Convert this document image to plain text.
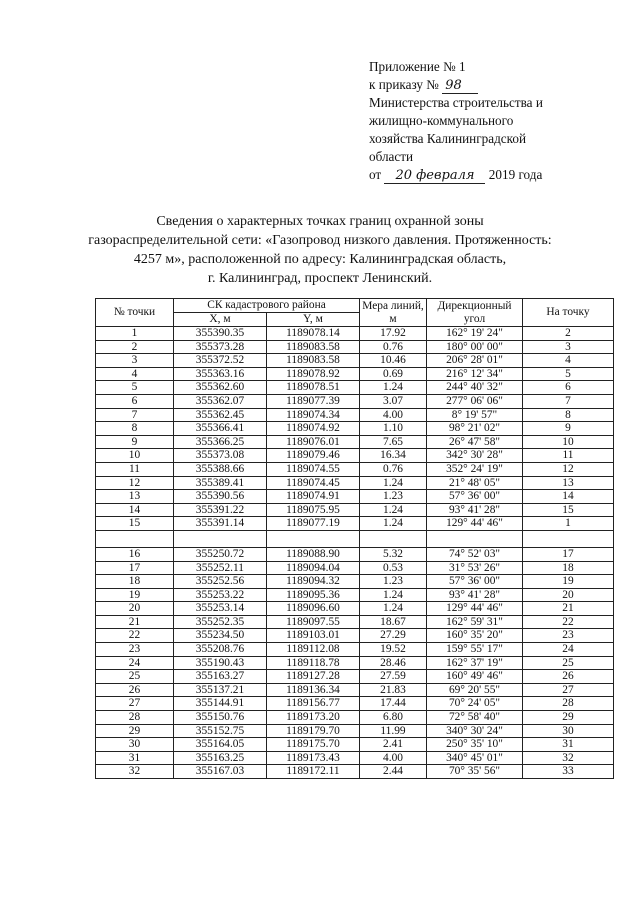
Приложение № 1
к приказу № 98
Министерства строительства и
жилищно-коммунального
хозяйства Калининградской
области
от 20 февраля 2019 года
Сведения о характерных точках границ охранной зоны
газораспределительной сети: «Газопровод низкого давления. Протяженность:
4257 м», расположенной по адресу: Калининградская область,
г. Калининград, проспект Ленинский.
№ точки	СК кадастрового района		Мера линий, м	Дирекционный угол	На точку
	X, м	Y, м			
1	355390.35	1189078.14	17.92	162° 19' 24"	2
2	355373.28	1189083.58	0.76	180° 00' 00"	3
3	355372.52	1189083.58	10.46	206° 28' 01"	4
4	355363.16	1189078.92	0.69	216° 12' 34"	5
5	355362.60	1189078.51	1.24	244° 40' 32"	6
6	355362.07	1189077.39	3.07	277° 06' 06"	7
7	355362.45	1189074.34	4.00	8° 19' 57"	8
8	355366.41	1189074.92	1.10	98° 21' 02"	9
9	355366.25	1189076.01	7.65	26° 47' 58"	10
10	355373.08	1189079.46	16.34	342° 30' 28"	11
11	355388.66	1189074.55	0.76	352° 24' 19"	12
12	355389.41	1189074.45	1.24	21° 48' 05"	13
13	355390.56	1189074.91	1.23	57° 36' 00"	14
14	355391.22	1189075.95	1.24	93° 41' 28"	15
15	355391.14	1189077.19	1.24	129° 44' 46"	1

16	355250.72	1189088.90	5.32	74° 52' 03"	17
17	355252.11	1189094.04	0.53	31° 53' 26"	18
18	355252.56	1189094.32	1.23	57° 36' 00"	19
19	355253.22	1189095.36	1.24	93° 41' 28"	20
20	355253.14	1189096.60	1.24	129° 44' 46"	21
21	355252.35	1189097.55	18.67	162° 59' 31"	22
22	355234.50	1189103.01	27.29	160° 35' 20"	23
23	355208.76	1189112.08	19.52	159° 55' 17"	24
24	355190.43	1189118.78	28.46	162° 37' 19"	25
25	355163.27	1189127.28	27.59	160° 49' 46"	26
26	355137.21	1189136.34	21.83	69° 20' 55"	27
27	355144.91	1189156.77	17.44	70° 24' 05"	28
28	355150.76	1189173.20	6.80	72° 58' 40"	29
29	355152.75	1189179.70	11.99	340° 30' 24"	30
30	355164.05	1189175.70	2.41	250° 35' 10"	31
31	355163.25	1189173.43	4.00	340° 45' 01"	32
32	355167.03	1189172.11	2.44	70° 35' 56"	33
